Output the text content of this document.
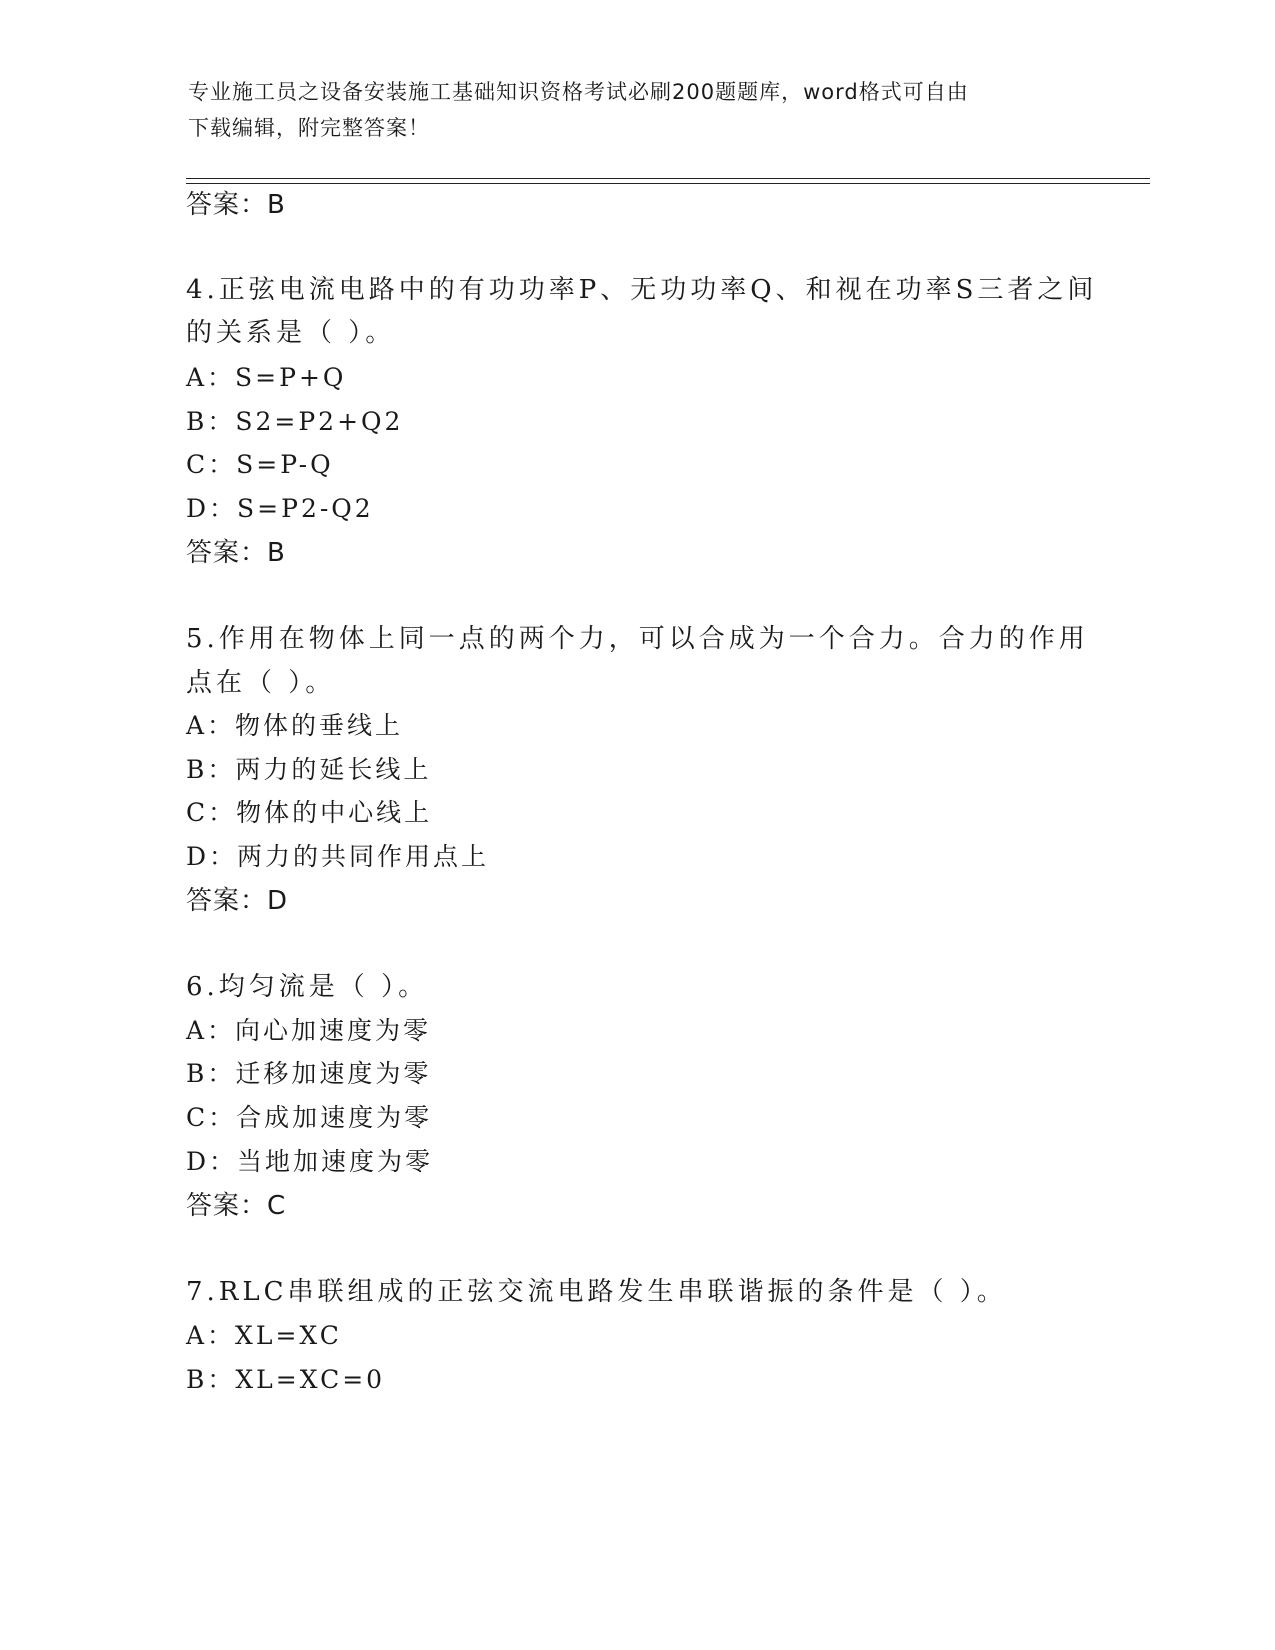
专业施工员之设备安装施工基础知识资格考试必刷200题题库，word格式可自由
下载编辑，附完整答案！
答案：B
4.正弦电流电路中的有功功率P、无功功率Q、和视在功率S三者之间
的关系是（ ）。
A：S=P+Q
B：S2=P2+Q2
C：S=P-Q
D：S=P2-Q2
答案：B
5.作用在物体上同一点的两个力，可以合成为一个合力。合力的作用
点在（ ）。
A：物体的垂线上
B：两力的延长线上
C：物体的中心线上
D：两力的共同作用点上
答案：D
6.均匀流是（ ）。
A：向心加速度为零
B：迁移加速度为零
C：合成加速度为零
D：当地加速度为零
答案：C
7.RLC串联组成的正弦交流电路发生串联谐振的条件是（ ）。
A：XL=XC
B：XL=XC=0
